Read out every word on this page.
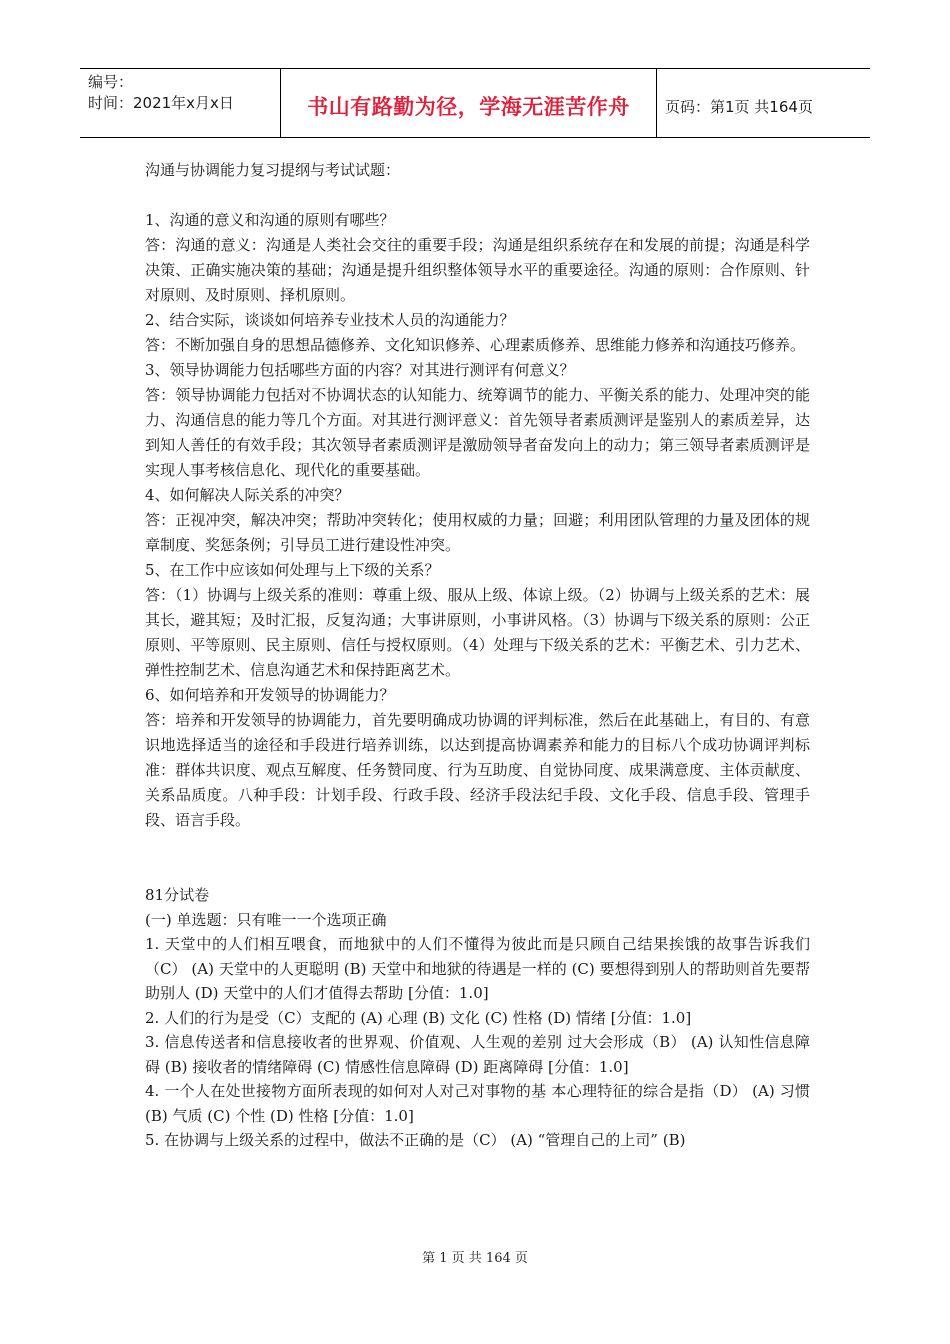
编号：
时间：2021年x月x日	书山有路勤为径，学海无涯苦作舟 页码：第1页 共164页

沟通与协调能力复习提纲与考试试题：

1、沟通的意义和沟通的原则有哪些？

答：沟通的意义：沟通是人类社会交往的重要手段；沟通是组织系统存在和发展的前提；沟通是科学决策、正确实施决策的基础；沟通是提升组织整体领导水平的重要途径。沟通的原则：合作原则、针对原则、及时原则、择机原则。

2、结合实际，谈谈如何培养专业技术人员的沟通能力？

答：不断加强自身的思想品德修养、文化知识修养、心理素质修养、思维能力修养和沟通技巧修养。

3、领导协调能力包括哪些方面的内容？对其进行测评有何意义？

答：领导协调能力包括对不协调状态的认知能力、统筹调节的能力、平衡关系的能力、处理冲突的能力、沟通信息的能力等几个方面。对其进行测评意义：首先领导者素质测评是鉴别人的素质差异，达到知人善任的有效手段；其次领导者素质测评是激励领导者奋发向上的动力；第三领导者素质测评是实现人事考核信息化、现代化的重要基础。

4、如何解决人际关系的冲突？

答：正视冲突，解决冲突；帮助冲突转化；使用权威的力量；回避；利用团队管理的力量及团体的规章制度、奖惩条例；引导员工进行建设性冲突。

5、在工作中应该如何处理与上下级的关系？

答：（1）协调与上级关系的准则：尊重上级、服从上级、体谅上级。（2）协调与上级关系的艺术：展其长，避其短；及时汇报，反复沟通；大事讲原则，小事讲风格。（3）协调与下级关系的原则：公正原则、平等原则、民主原则、信任与授权原则。（4）处理与下级关系的艺术：平衡艺术、引力艺术、弹性控制艺术、信息沟通艺术和保持距离艺术。

6、如何培养和开发领导的协调能力？

答：培养和开发领导的协调能力，首先要明确成功协调的评判标准，然后在此基础上，有目的、有意识地选择适当的途径和手段进行培养训练，以达到提高协调素养和能力的目标八个成功协调评判标准：群体共识度、观点互解度、任务赞同度、行为互助度、自觉协同度、成果满意度、主体贡献度、关系品质度。八种手段：计划手段、行政手段、经济手段法纪手段、文化手段、信息手段、管理手段、语言手段。

81分试卷

(一) 单选题：只有唯一一个选项正确

1. 天堂中的人们相互喂食，而地狱中的人们不懂得为彼此而是只顾自己结果挨饿的故事告诉我们（C） (A) 天堂中的人更聪明 (B) 天堂中和地狱的待遇是一样的 (C) 要想得到别人的帮助则首先要帮助别人 (D) 天堂中的人们才值得去帮助 [分值：1.0]

2. 人们的行为是受（C）支配的 (A) 心理 (B) 文化 (C) 性格 (D) 情绪 [分值：1.0]

3. 信息传送者和信息接收者的世界观、价值观、人生观的差别 过大会形成（B） (A) 认知性信息障碍 (B) 接收者的情绪障碍 (C) 情感性信息障碍 (D) 距离障碍 [分值：1.0]

4. 一个人在处世接物方面所表现的如何对人对己对事物的基 本心理特征的综合是指（D） (A) 习惯 (B) 气质 (C) 个性 (D) 性格 [分值：1.0]

5. 在协调与上级关系的过程中，做法不正确的是（C） (A) “管理自己的上司” (B)

第 1 页 共 164 页
